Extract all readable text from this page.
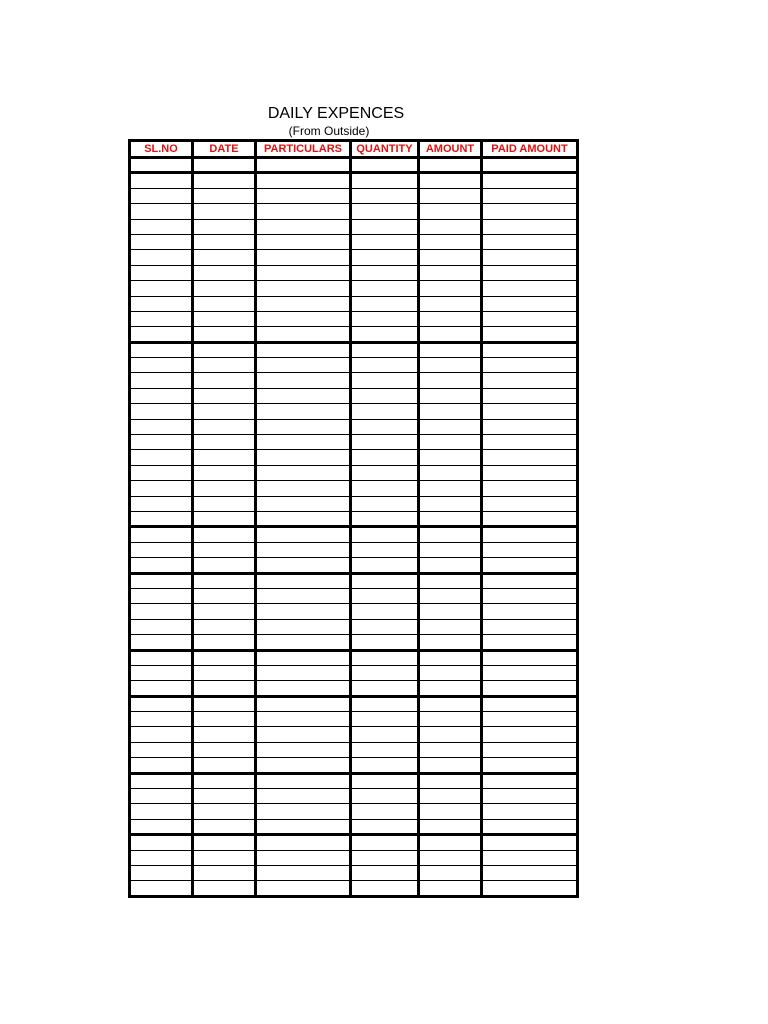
DAILY EXPENCES
(From Outside)
SL.NO	DATE	PARTICULARS	QUANTITY	AMOUNT	PAID AMOUNT
